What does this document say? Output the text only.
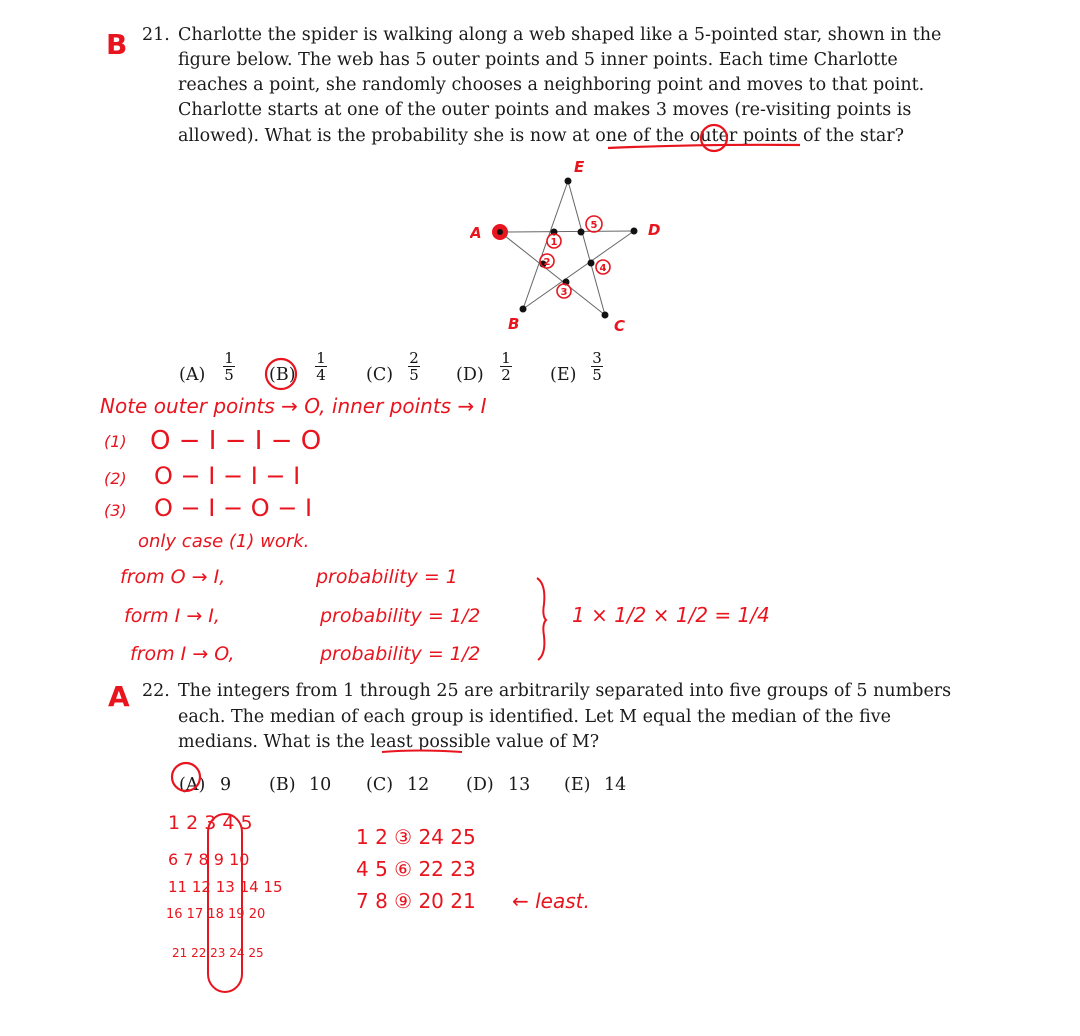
B 21. Charlotte the spider is walking along a web shaped like a 5-pointed star, shown in the
figure below. The web has 5 outer points and 5 inner points. Each time Charlotte
reaches a point, she randomly chooses a neighboring point and moves to that point.
Charlotte starts at one of the outer points and makes 3 moves (re-visiting points is
allowed). What is the probability she is now at one of the outer points of the star?
5
1
2
3
4
E
A	D
B	C
(A)
1
5 (B)
1
4 (C)
2
5 (D)
1
2 (E)
3
5
Note outer points → O, inner points → I
(1) O − I − I − O
(2) O − I − I − I
(3) O − I − O − I
only case (1) work.
from O → I,	probability = 1
form I → I,	probability = 1/2
from I → O,	probability = 1/2
1 × 1/2 × 1/2 = 1/4
A 22. The integers from 1 through 25 are arbitrarily separated into five groups of 5 numbers
each. The median of each group is identified. Let M equal the median of the five
medians. What is the least possible value of M?
(A) 9 (B) 10 (C) 12 (D) 13 (E) 14
1 2 3 4 5
6 7 8 9 10
11 12 13 14 15
16 17 18 19 20
21 22 23 24 25
1 2 ③ 24 25
4 5 ⑥ 22 23
7 8 ⑨ 20 21 ← least.
